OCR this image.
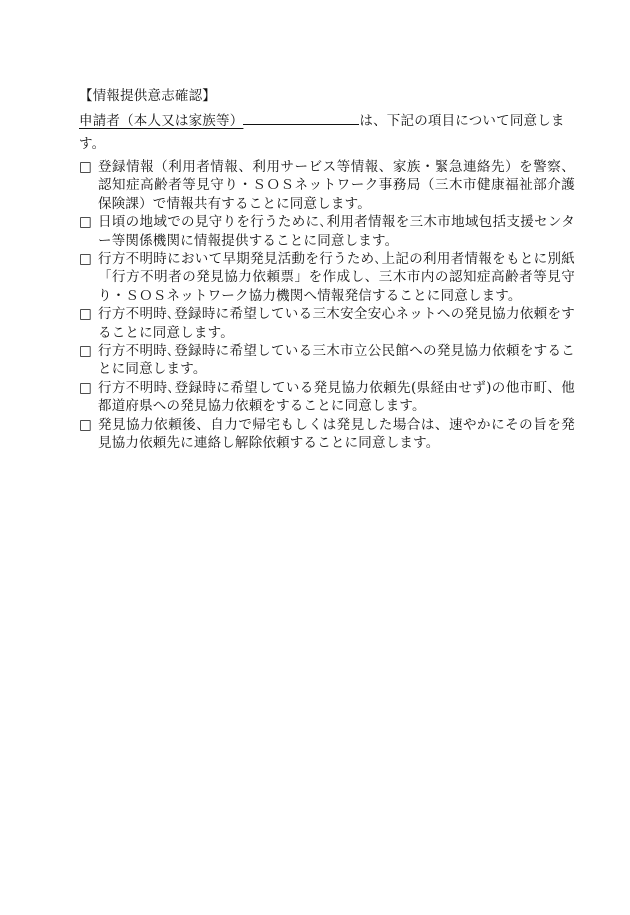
【情報提供意志確認】
申請者（本人又は家族等）	は、下記の項目について同意します。
□ 登録情報（利用者情報、利用サービス等情報、家族・緊急連絡先）を警察、認知症高齢者等見守り・ＳＯＳネットワーク事務局（三木市健康福祉部介護保険課）で情報共有することに同意します。
□ 日頃の地域での見守りを行うために､利用者情報を三木市地域包括支援センター等関係機関に情報提供することに同意します。
□ 行方不明時において早期発見活動を行うため､上記の利用者情報をもとに別紙「行方不明者の発見協力依頼票」を作成し、三木市内の認知症高齢者等見守り・ＳＯＳネットワーク協力機関へ情報発信することに同意します。
□ 行方不明時､登録時に希望している三木安全安心ネットへの発見協力依頼をすることに同意します。
□ 行方不明時､登録時に希望している三木市立公民館への発見協力依頼をすることに同意します。
□ 行方不明時､登録時に希望している発見協力依頼先(県経由せず)の他市町、他都道府県への発見協力依頼をすることに同意します。
□ 発見協力依頼後、自力で帰宅もしくは発見した場合は、速やかにその旨を発見協力依頼先に連絡し解除依頼することに同意します。
